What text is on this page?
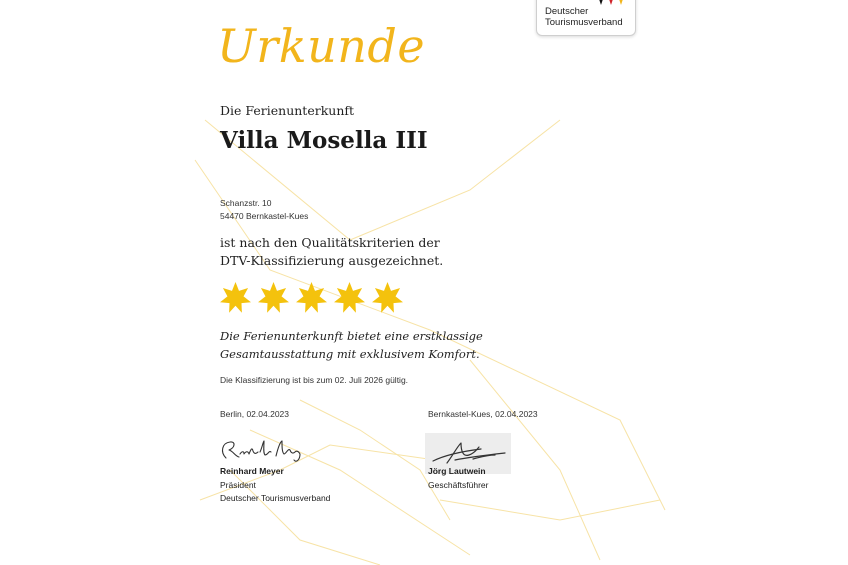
Deutscher
Tourismusverband
Urkunde
Die Ferienunterkunft
Villa Mosella III
Schanzstr. 10
54470 Bernkastel-Kues
ist nach den Qualitätskriterien der
DTV-Klassifizierung ausgezeichnet.
Die Ferienunterkunft bietet eine erstklassige
Gesamtausstattung mit exklusivem Komfort.
Die Klassifizierung ist bis zum 02. Juli 2026 gültig.
Berlin, 02.04.2023	Bernkastel-Kues, 02.04.2023
Reinhard Meyer
Präsident
Deutscher Tourismusverband
Jörg Lautwein
Geschäftsführer
